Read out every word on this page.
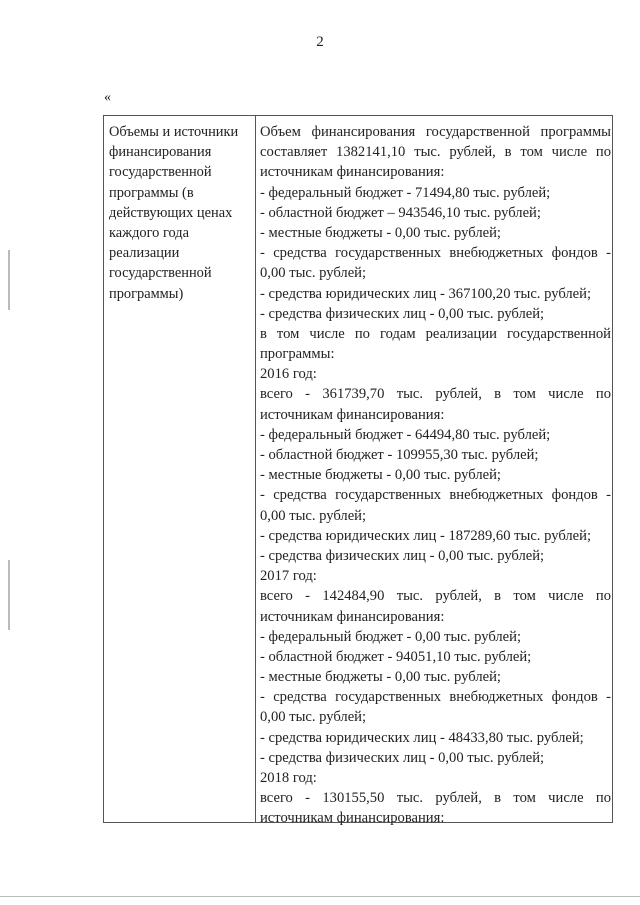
2
«
Объемы и источники
финансирования
государственной
программы (в
действующих ценах
каждого года
реализации
государственной
программы)
Объем финансирования государственной программы
составляет 1382141,10 тыс. рублей, в том числе по
источникам финансирования:
- федеральный бюджет - 71494,80 тыс. рублей;
- областной бюджет – 943546,10 тыс. рублей;
- местные бюджеты - 0,00 тыс. рублей;
- средства государственных внебюджетных фондов -
0,00 тыс. рублей;
- средства юридических лиц - 367100,20 тыс. рублей;
- средства физических лиц - 0,00 тыс. рублей;
в том числе по годам реализации государственной
программы:
2016 год:
всего - 361739,70 тыс. рублей, в том числе по
источникам финансирования:
- федеральный бюджет - 64494,80 тыс. рублей;
- областной бюджет - 109955,30 тыс. рублей;
- местные бюджеты - 0,00 тыс. рублей;
- средства государственных внебюджетных фондов -
0,00 тыс. рублей;
- средства юридических лиц - 187289,60 тыс. рублей;
- средства физических лиц - 0,00 тыс. рублей;
2017 год:
всего - 142484,90 тыс. рублей, в том числе по
источникам финансирования:
- федеральный бюджет - 0,00 тыс. рублей;
- областной бюджет - 94051,10 тыс. рублей;
- местные бюджеты - 0,00 тыс. рублей;
- средства государственных внебюджетных фондов -
0,00 тыс. рублей;
- средства юридических лиц - 48433,80 тыс. рублей;
- средства физических лиц - 0,00 тыс. рублей;
2018 год:
всего - 130155,50 тыс. рублей, в том числе по
источникам финансирования:
